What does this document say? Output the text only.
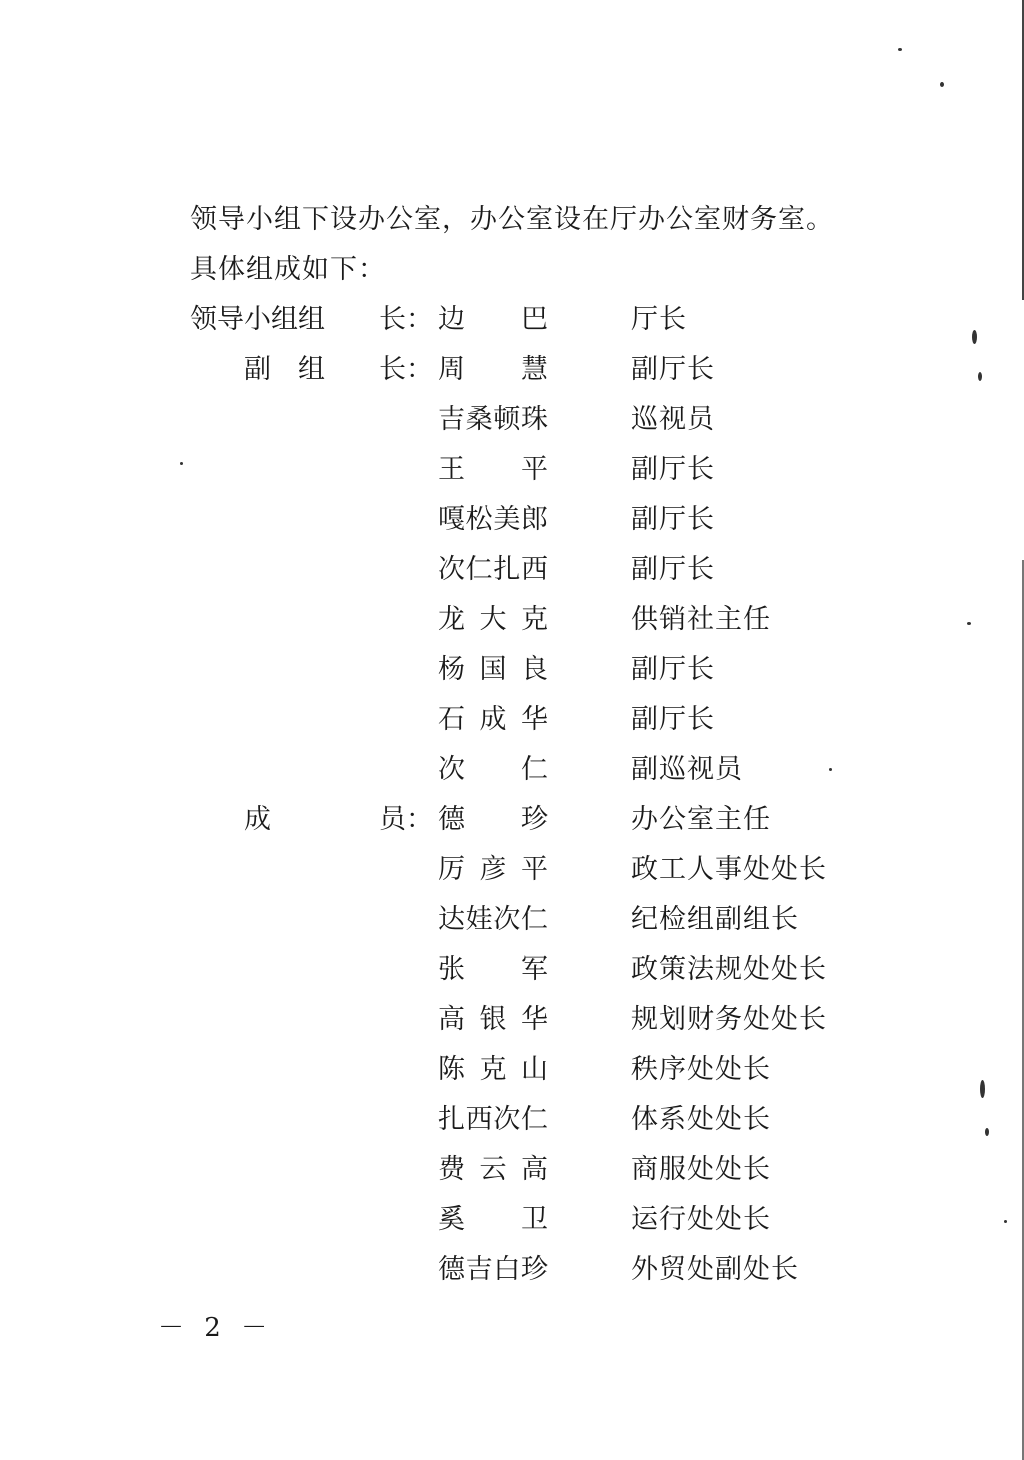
领导小组下设办公室，办公室设在厅办公室财务室。
具体组成如下：
领导小组组　　长： 边 巴	厅长
　　副　组　　长： 周 慧	副厅长
吉 桑 顿 珠	巡视员
王 平	副厅长
嘎 松 美 郎	副厅长
次 仁 扎 西	副厅长
龙 大 克	供销社主任
杨 国 良	副厅长
石 成 华	副厅长
次 仁	副巡视员
　　成　　　　员： 德 珍	办公室主任
厉 彦 平	政工人事处处长
达 娃 次 仁	纪检组副组长
张 军	政策法规处处长
高 银 华	规划财务处处长
陈 克 山	秩序处处长
扎 西 次 仁	体系处处长
费 云 高	商服处处长
奚 卫	运行处处长
德 吉 白 珍	外贸处副处长
－ 2 －
